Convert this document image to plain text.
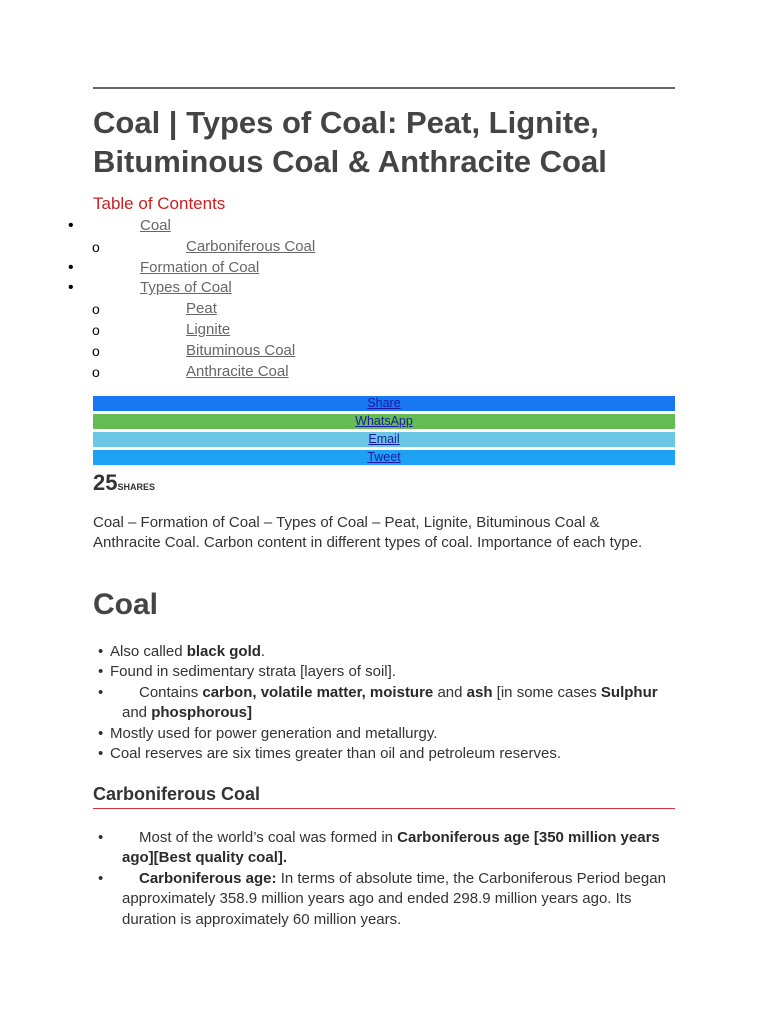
Coal | Types of Coal: Peat, Lignite, Bituminous Coal & Anthracite Coal
Table of Contents
•	Coal
o	Carboniferous Coal
•	Formation of Coal
•	Types of Coal
o	Peat
o	Lignite
o	Bituminous Coal
o	Anthracite Coal
Share
WhatsApp
Email
Tweet
25SHARES

Coal – Formation of Coal – Types of Coal – Peat, Lignite, Bituminous Coal & Anthracite Coal. Carbon content in different types of coal. Importance of each type.

Coal
• Also called black gold.
• Found in sedimentary strata [layers of soil].
•	Contains carbon, volatile matter, moisture and ash [in some cases Sulphur and phosphorous]
• Mostly used for power generation and metallurgy.
• Coal reserves are six times greater than oil and petroleum reserves.
Carboniferous Coal
•	Most of the world’s coal was formed in Carboniferous age [350 million years ago][Best quality coal].
•	Carboniferous age: In terms of absolute time, the Carboniferous Period began approximately 358.9 million years ago and ended 298.9 million years ago. Its duration is approximately 60 million years.
